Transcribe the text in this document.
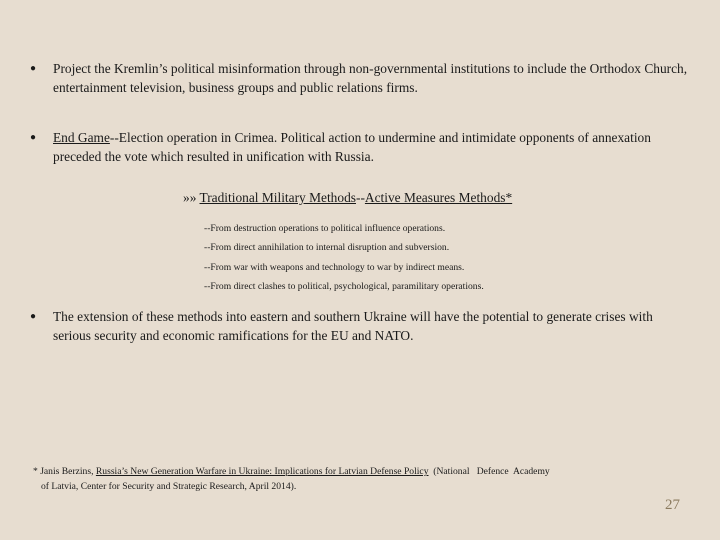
●	Project the Kremlin’s political misinformation through non-governmental institutions to include the Orthodox Church, entertainment television, business groups and public relations firms.
●	End Game--Election operation in Crimea. Political action to undermine and intimidate opponents of annexation preceded the vote which resulted in unification with Russia.
»» Traditional Military Methods--Active Measures Methods*
--From destruction operations to political influence operations.
--From direct annihilation to internal disruption and subversion.
--From war with weapons and technology to war by indirect means.
--From direct clashes to political, psychological, paramilitary operations.
●	The extension of these methods into eastern and southern Ukraine will have the potential to generate crises with serious security and economic ramifications for the EU and NATO.
* Janis Berzins, Russia’s New Generation Warfare in Ukraine: Implications for Latvian Defense Policy  (National   Defence  Academy
of Latvia, Center for Security and Strategic Research, April 2014).
27
